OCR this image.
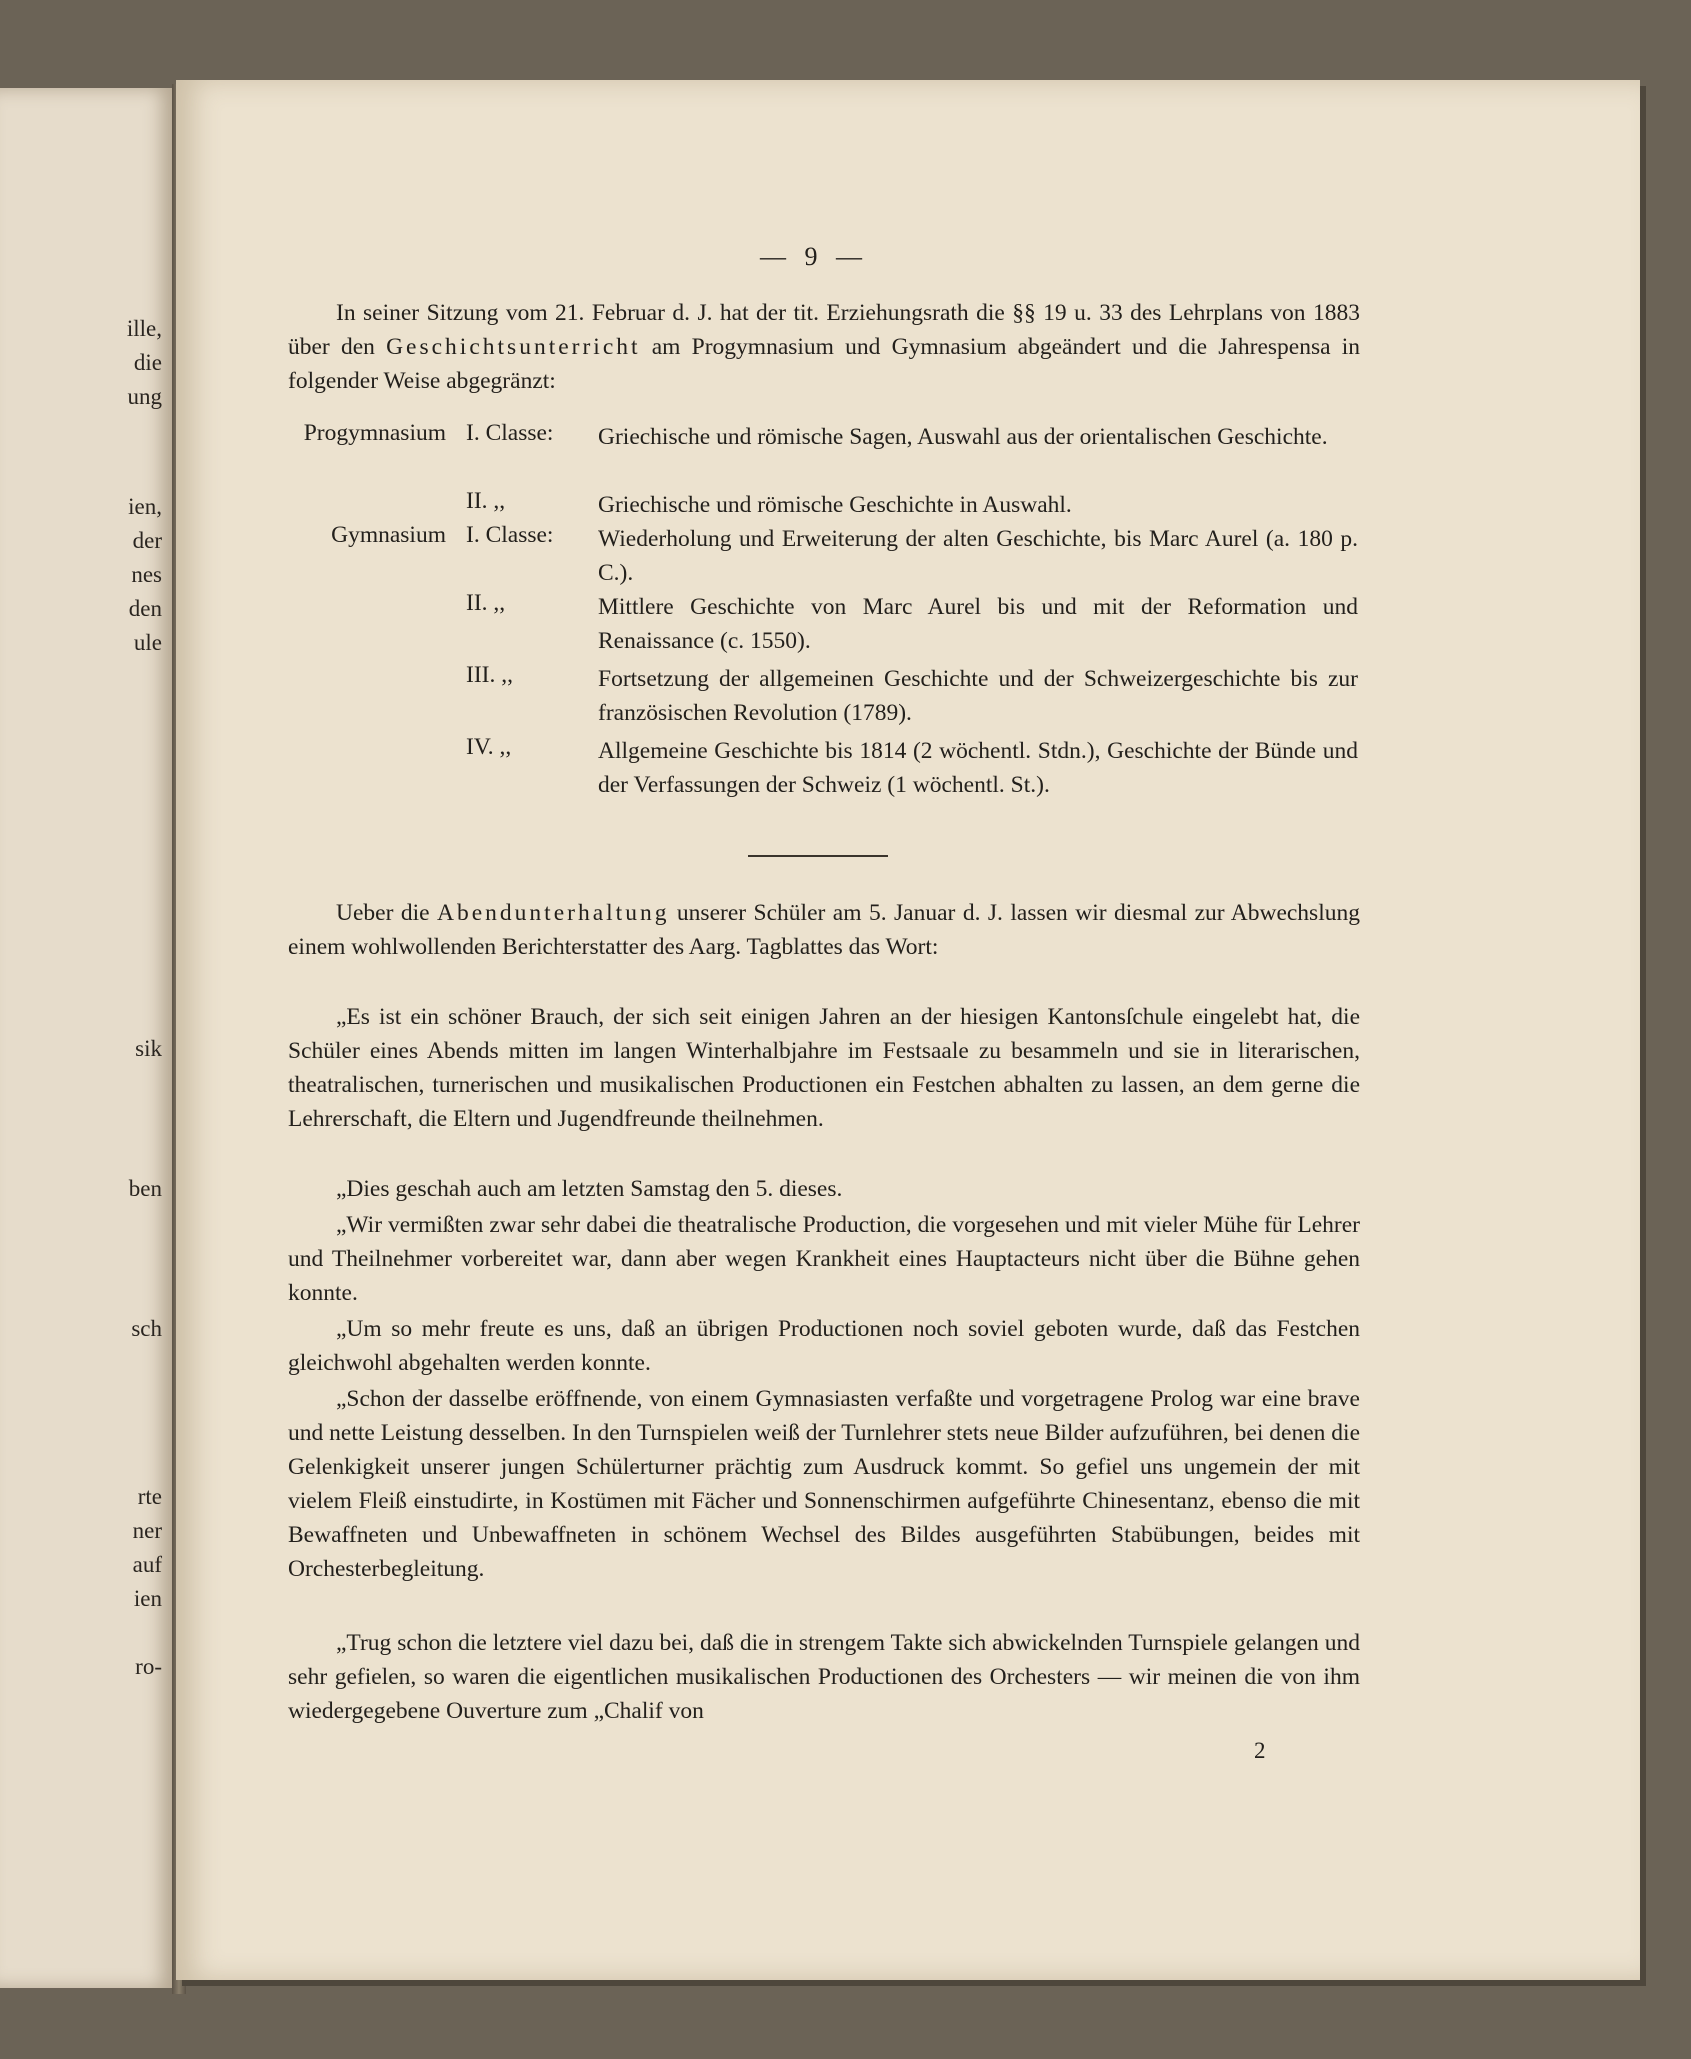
ille,
die
ung
ien,
der
nes
den
ule
sik
ben
sch
rte
ner
auf
ien
ro-
— 9 —

In seiner Sitzung vom 21. Februar d. J. hat der tit. Erziehungsrath die §§ 19 u. 33 des Lehrplans von 1883 über den Geschichtsunterricht am Progymnasium und Gymnasium abgeändert und die Jahrespensa in folgender Weise abgegränzt:

Progymnasium I. Classe:	Griechische und römische Sagen, Auswahl aus der orientalischen Geschichte.
II. ,,	Griechische und römische Geschichte in Auswahl.
Gymnasium I. Classe:	Wiederholung und Erweiterung der alten Geschichte, bis Marc Aurel (a. 180 p. C.).
II. ,,	Mittlere Geschichte von Marc Aurel bis und mit der Reformation und Renaissance (c. 1550).
III. ,,	Fortsetzung der allgemeinen Geschichte und der Schweizergeschichte bis zur französischen Revolution (1789).
IV. ,,	Allgemeine Geschichte bis 1814 (2 wöchentl. Stdn.), Geschichte der Bünde und der Verfassungen der Schweiz (1 wöchentl. St.).

Ueber die Abendunterhaltung unserer Schüler am 5. Januar d. J. lassen wir diesmal zur Abwechslung einem wohlwollenden Berichterstatter des Aarg. Tagblattes das Wort:

„Es ist ein schöner Brauch, der sich seit einigen Jahren an der hiesigen Kantonsſchule eingelebt hat, die Schüler eines Abends mitten im langen Winterhalbjahre im Festsaale zu besammeln und sie in literarischen, theatralischen, turnerischen und musikalischen Productionen ein Festchen abhalten zu lassen, an dem gerne die Lehrerschaft, die Eltern und Jugendfreunde theilnehmen.

„Dies geschah auch am letzten Samstag den 5. dieses.

„Wir vermißten zwar sehr dabei die theatralische Production, die vorgesehen und mit vieler Mühe für Lehrer und Theilnehmer vorbereitet war, dann aber wegen Krankheit eines Hauptacteurs nicht über die Bühne gehen konnte.

„Um so mehr freute es uns, daß an übrigen Productionen noch soviel geboten wurde, daß das Festchen gleichwohl abgehalten werden konnte.

„Schon der dasselbe eröffnende, von einem Gymnasiasten verfaßte und vorgetragene Prolog war eine brave und nette Leistung desselben. In den Turnspielen weiß der Turnlehrer stets neue Bilder aufzuführen, bei denen die Gelenkigkeit unserer jungen Schülerturner prächtig zum Ausdruck kommt. So gefiel uns ungemein der mit vielem Fleiß einstudirte, in Kostümen mit Fächer und Sonnenschirmen aufgeführte Chinesentanz, ebenso die mit Bewaffneten und Unbewaffneten in schönem Wechsel des Bildes ausgeführten Stabübungen, beides mit Orchesterbegleitung.

„Trug schon die letztere viel dazu bei, daß die in strengem Takte sich abwickelnden Turnspiele gelangen und sehr gefielen, so waren die eigentlichen musikalischen Productionen des Orchesters — wir meinen die von ihm wiedergegebene Ouverture zum „Chalif von

2
